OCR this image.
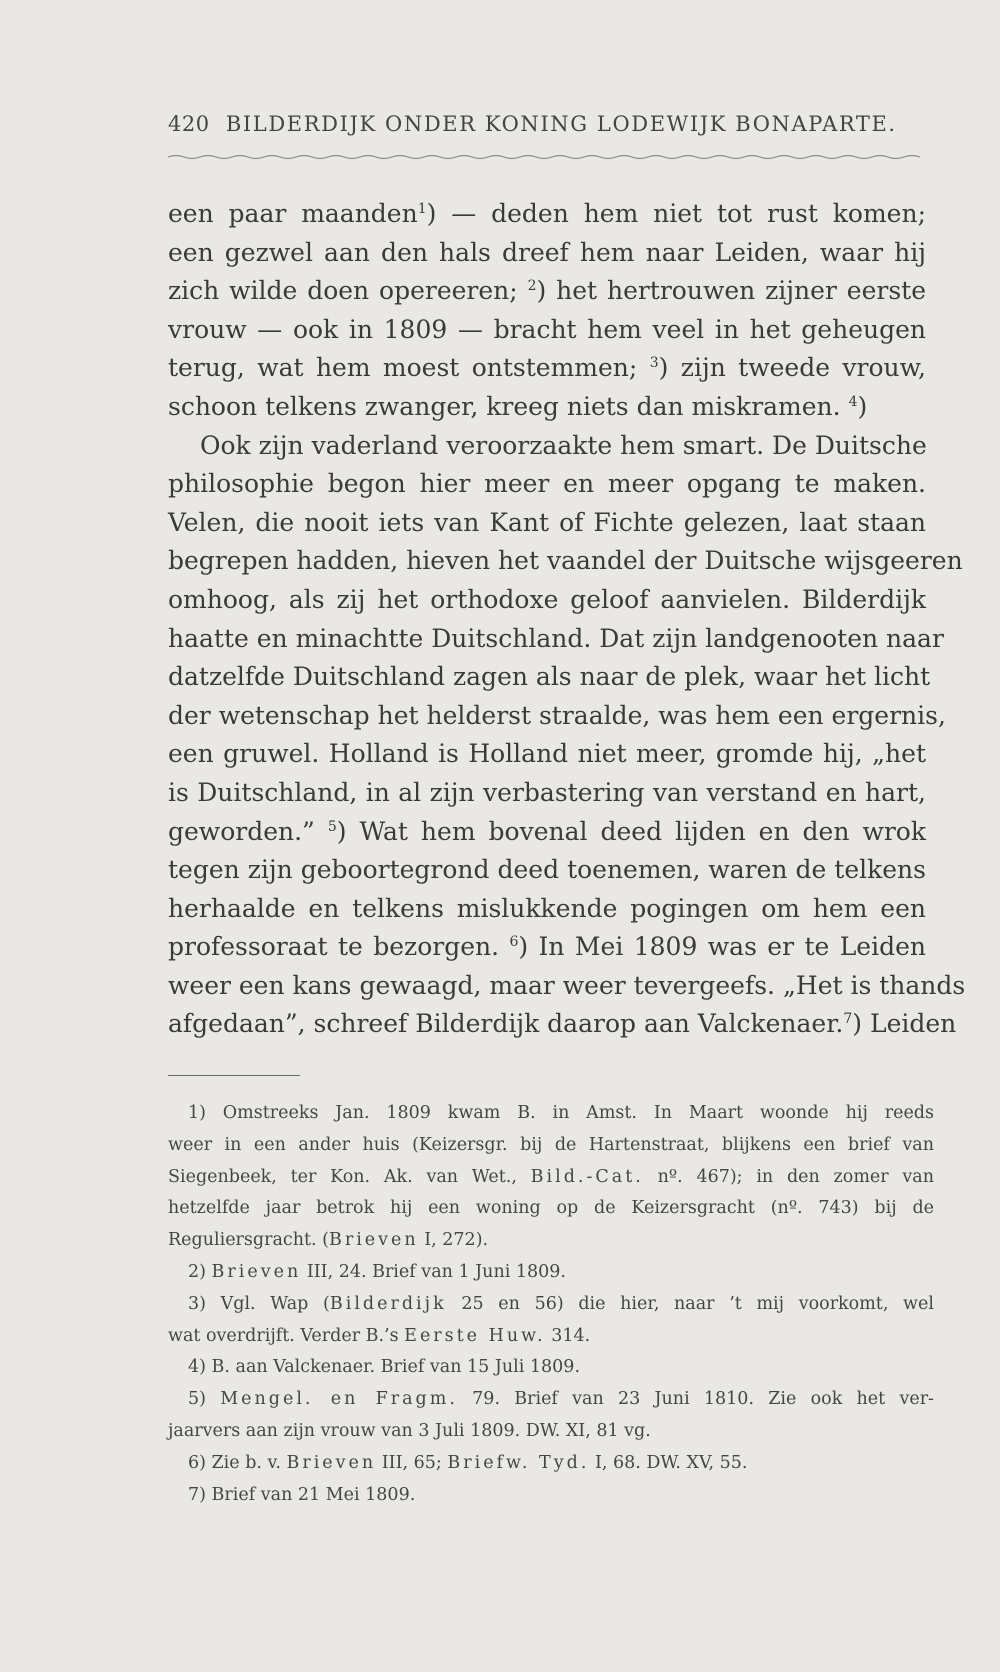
420 BILDERDIJK ONDER KONING LODEWIJK BONAPARTE.
een paar maanden$^1$) — deden hem niet tot rust komen;
een gezwel aan den hals dreef hem naar Leiden, waar hij
zich wilde doen opereeren; $^2$) het hertrouwen zijner eerste
vrouw — ook in 1809 — bracht hem veel in het geheugen
terug, wat hem moest ontstemmen; $^3$) zijn tweede vrouw,
schoon telkens zwanger, kreeg niets dan miskramen. $^4$)
Ook zijn vaderland veroorzaakte hem smart. De Duitsche
philosophie begon hier meer en meer opgang te maken.
Velen, die nooit iets van Kant of Fichte gelezen, laat staan
begrepen hadden, hieven het vaandel der Duitsche wijsgeeren
omhoog, als zij het orthodoxe geloof aanvielen. Bilderdijk
haatte en minachtte Duitschland. Dat zijn landgenooten naar
datzelfde Duitschland zagen als naar de plek, waar het licht
der wetenschap het helderst straalde, was hem een ergernis,
een gruwel. Holland is Holland niet meer, gromde hij, „het
is Duitschland, in al zijn verbastering van verstand en hart,
geworden.” $^5$) Wat hem bovenal deed lijden en den wrok
tegen zijn geboortegrond deed toenemen, waren de telkens
herhaalde en telkens mislukkende pogingen om hem een
professoraat te bezorgen. $^6$) In Mei 1809 was er te Leiden
weer een kans gewaagd, maar weer tevergeefs. „Het is thands
afgedaan”, schreef Bilderdijk daarop aan Valckenaer.$^7$) Leiden
1) Omstreeks Jan. 1809 kwam B. in Amst. In Maart woonde hij reeds
weer in een ander huis (Keizersgr. bij de Hartenstraat, blijkens een brief van
Siegenbeek, ter Kon. Ak. van Wet., Bild.-Cat. nº. 467); in den zomer van
hetzelfde jaar betrok hij een woning op de Keizersgracht (nº. 743) bij de
Reguliersgracht. (Brieven I, 272).
2) Brieven III, 24. Brief van 1 Juni 1809.
3) Vgl. Wap (Bilderdijk 25 en 56) die hier, naar ’t mij voorkomt, wel
wat overdrijft. Verder B.’s Eerste Huw. 314.
4) B. aan Valckenaer. Brief van 15 Juli 1809.
5) Mengel. en Fragm. 79. Brief van 23 Juni 1810. Zie ook het ver-
jaarvers aan zijn vrouw van 3 Juli 1809. DW. XI, 81 vg.
6) Zie b. v. Brieven III, 65; Briefw. Tyd. I, 68. DW. XV, 55.
7) Brief van 21 Mei 1809.
